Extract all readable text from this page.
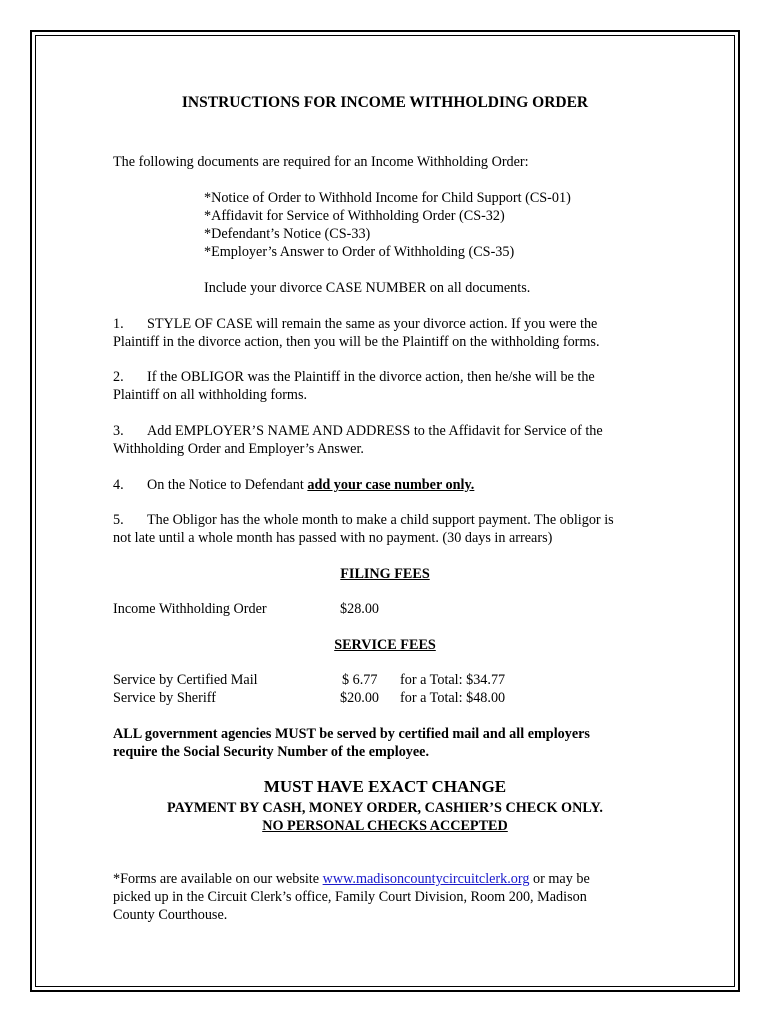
INSTRUCTIONS FOR INCOME WITHHOLDING ORDER
The following documents are required for an Income Withholding Order:
*Notice of Order to Withhold Income for Child Support (CS-01)
*Affidavit for Service of Withholding Order (CS-32)
*Defendant’s Notice (CS-33)
*Employer’s Answer to Order of Withholding (CS-35)
Include your divorce CASE NUMBER on all documents.
1. STYLE OF CASE will remain the same as your divorce action. If you were the
Plaintiff in the divorce action, then you will be the Plaintiff on the withholding forms.
2. If the OBLIGOR was the Plaintiff in the divorce action, then he/she will be the
Plaintiff on all withholding forms.
3. Add EMPLOYER’S NAME AND ADDRESS to the Affidavit for Service of the
Withholding Order and Employer’s Answer.
4. On the Notice to Defendant add your case number only.
5. The Obligor has the whole month to make a child support payment. The obligor is
not late until a whole month has passed with no payment. (30 days in arrears)
FILING FEES
Income Withholding Order	$28.00
SERVICE FEES
Service by Certified Mail	$ 6.77 for a Total: $34.77
Service by Sheriff	$20.00 for a Total: $48.00
ALL government agencies MUST be served by certified mail and all employers
require the Social Security Number of the employee.
MUST HAVE EXACT CHANGE
PAYMENT BY CASH, MONEY ORDER, CASHIER’S CHECK ONLY.
NO PERSONAL CHECKS ACCEPTED
*Forms are available on our website www.madisoncountycircuitclerk.org or may be
picked up in the Circuit Clerk’s office, Family Court Division, Room 200, Madison
County Courthouse.
